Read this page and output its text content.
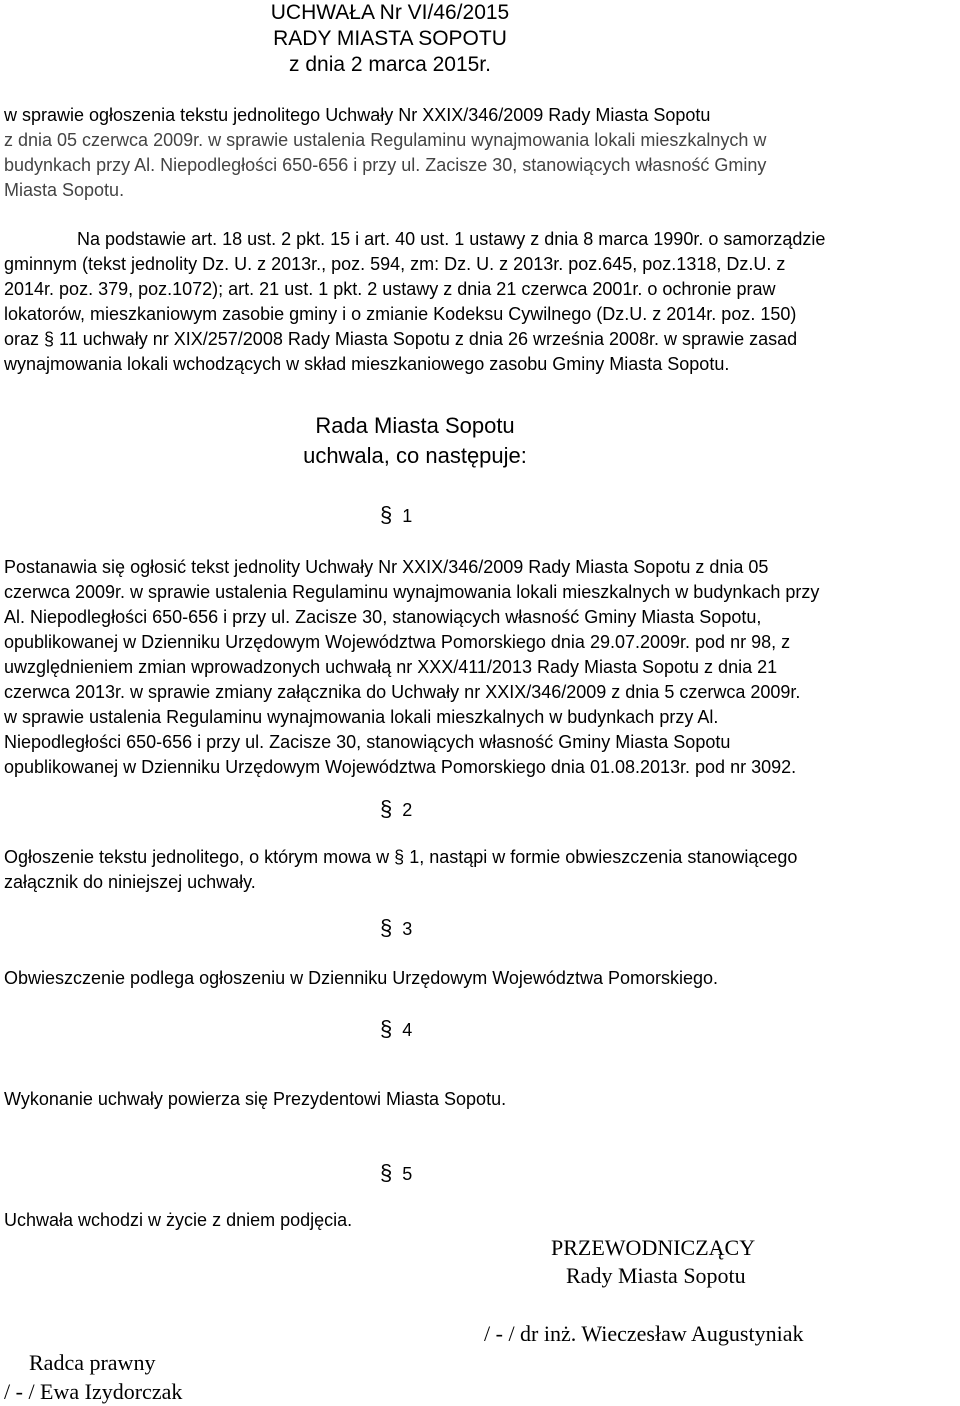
UCHWAŁA Nr VI/46/2015
RADY MIASTA SOPOTU
z dnia 2 marca 2015r.
w sprawie ogłoszenia tekstu jednolitego Uchwały Nr XXIX/346/2009 Rady Miasta Sopotu
z dnia 05 czerwca 2009r. w sprawie ustalenia Regulaminu wynajmowania lokali mieszkalnych w
budynkach przy Al. Niepodległości 650-656 i przy ul. Zacisze 30, stanowiących własność Gminy
Miasta Sopotu.
Na podstawie art. 18 ust. 2 pkt. 15 i art. 40 ust. 1 ustawy z dnia 8 marca 1990r. o samorządzie
gminnym (tekst jednolity Dz. U. z 2013r., poz. 594, zm: Dz. U. z 2013r. poz.645, poz.1318, Dz.U. z
2014r. poz. 379, poz.1072); art. 21 ust. 1 pkt. 2 ustawy z dnia 21 czerwca 2001r. o ochronie praw
lokatorów, mieszkaniowym zasobie gminy i o zmianie Kodeksu Cywilnego (Dz.U. z 2014r. poz. 150)
oraz § 11 uchwały nr XIX/257/2008 Rady Miasta Sopotu z dnia 26 września 2008r. w sprawie zasad
wynajmowania lokali wchodzących w skład mieszkaniowego zasobu Gminy Miasta Sopotu.
Rada Miasta Sopotu
uchwala, co następuje:
§ 1
Postanawia się ogłosić tekst jednolity Uchwały Nr XXIX/346/2009 Rady Miasta Sopotu z dnia 05
czerwca 2009r. w sprawie ustalenia Regulaminu wynajmowania lokali mieszkalnych w budynkach przy
Al. Niepodległości 650-656 i przy ul. Zacisze 30, stanowiących własność Gminy Miasta Sopotu,
opublikowanej w Dzienniku Urzędowym Województwa Pomorskiego dnia 29.07.2009r. pod nr 98, z
uwzględnieniem zmian wprowadzonych uchwałą nr XXX/411/2013 Rady Miasta Sopotu z dnia 21
czerwca 2013r. w sprawie zmiany załącznika do Uchwały nr XXIX/346/2009 z dnia 5 czerwca 2009r.
w sprawie ustalenia Regulaminu wynajmowania lokali mieszkalnych w budynkach przy Al.
Niepodległości 650-656 i przy ul. Zacisze 30, stanowiących własność Gminy Miasta Sopotu
opublikowanej w Dzienniku Urzędowym Województwa Pomorskiego dnia 01.08.2013r. pod nr 3092.
§ 2
Ogłoszenie tekstu jednolitego, o którym mowa w § 1, nastąpi w formie obwieszczenia stanowiącego
załącznik do niniejszej uchwały.
§ 3
Obwieszczenie podlega ogłoszeniu w Dzienniku Urzędowym Województwa Pomorskiego.
§ 4
Wykonanie uchwały powierza się Prezydentowi Miasta Sopotu.
§ 5
Uchwała wchodzi w życie z dniem podjęcia.
PRZEWODNICZĄCY
Rady Miasta Sopotu
/ - / dr inż. Wieczesław Augustyniak
Radca prawny
/ - / Ewa Izydorczak
